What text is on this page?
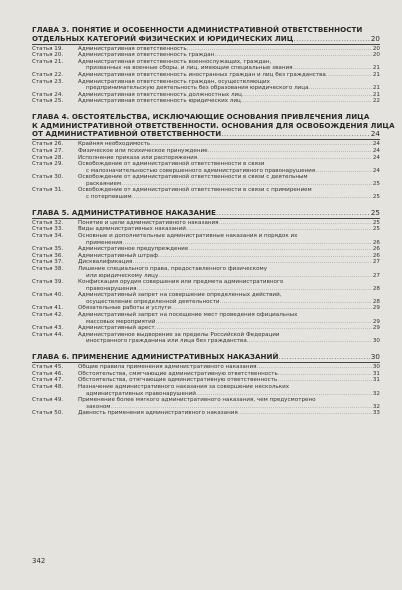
ГЛАВА 3. ПОНЯТИЕ И ОСОБЕННОСТИ АДМИНИСТРАТИВНОЙ ОТВЕТСТВЕННОСТИ
ОТДЕЛЬНЫХ КАТЕГОРИЙ ФИЗИЧЕСКИХ И ЮРИДИЧЕСКИХ ЛИЦ .....	20
Статья 19.	Административная ответственность .....	20
Статья 20.	Административная ответственность граждан .....	20
Статья 21.	Административная ответственность военнослужащих, граждан,
призванных на военные сборы, и лиц, имеющие специальные звания .....	21
Статья 22.	Административная ответственность иностранных граждан и лиц без гражданства .....	21
Статья 23.	Административная ответственность граждан, осуществляющих
предпринимательскую деятельность без образования юридического лица .....	21
Статья 24.	Административная ответственность должностных лиц .....	21
Статья 25.	Административная ответственность юридических лиц .....	22
ГЛАВА 4. ОБСТОЯТЕЛЬСТВА, ИСКЛЮЧАЮЩИЕ ОСНОВАНИЯ ПРИВЛЕЧЕНИЯ ЛИЦА
К АДМИНИСТРАТИВНОЙ ОТВЕТСТВЕННОСТИ. ОСНОВАНИЯ ДЛЯ ОСВОБОЖДЕНИЯ ЛИЦА
ОТ АДМИНИСТРАТИВНОЙ ОТВЕТСТВЕННОСТИ .....	24
Статья 26.	Крайняя необходимость .....	24
Статья 27.	Физическое или психическое принуждение .....	24
Статья 28.	Исполнение приказа или распоряжения .....	24
Статья 29.	Освобождение от административной ответственности в связи
с малозначительностью совершенного административного правонарушения .....	24
Статья 30.	Освобождение от административной ответственности в связи с деятельным
раскаянием .....	25
Статья 31.	Освобождение от административной ответственности в связи с примирением
с потерпевшим .....	25
ГЛАВА 5. АДМИНИСТРАТИВНОЕ НАКАЗАНИЕ .....	25
Статья 32.	Понятие и цели административного наказания .....	25
Статья 33.	Виды административных наказаний .....	25
Статья 34.	Основные и дополнительные административные наказания и порядок их
применения .....	26
Статья 35.	Административное предупреждение .....	26
Статья 36.	Административный штраф .....	26
Статья 37.	Дисквалификация .....	27
Статья 38.	Лишение специального права, предоставленного физическому
или юридическому лицу .....	27
Статья 39.	Конфискация орудия совершения или предмета административного
правонарушения .....	28
Статья 40.	Административный запрет на совершение определенных действий,
осуществление определенной деятельности .....	28
Статья 41.	Обязательные работы и услуги .....	29
Статья 42.	Административный запрет на посещение мест проведения официальных
массовых мероприятий .....	29
Статья 43.	Административный арест .....	29
Статья 44.	Административное выдворение за пределы Российской Федерации
иностранного гражданина или лица без гражданства .....	30
ГЛАВА 6. ПРИМЕНЕНИЕ АДМИНИСТРАТИВНЫХ НАКАЗАНИЙ .....	30
Статья 45.	Общие правила применения административного наказания .....	30
Статья 46.	Обстоятельства, смягчающие административную ответственность .....	31
Статья 47.	Обстоятельства, отягчающие административную ответственность .....	31
Статья 48.	Назначение административного наказания за совершение нескольких
административных правонарушений .....	32
Статья 49.	Применение более мягкого административного наказания, чем предусмотрено
законом .....	32
Статья 50.	Давность применения административного наказания .....	33
342
